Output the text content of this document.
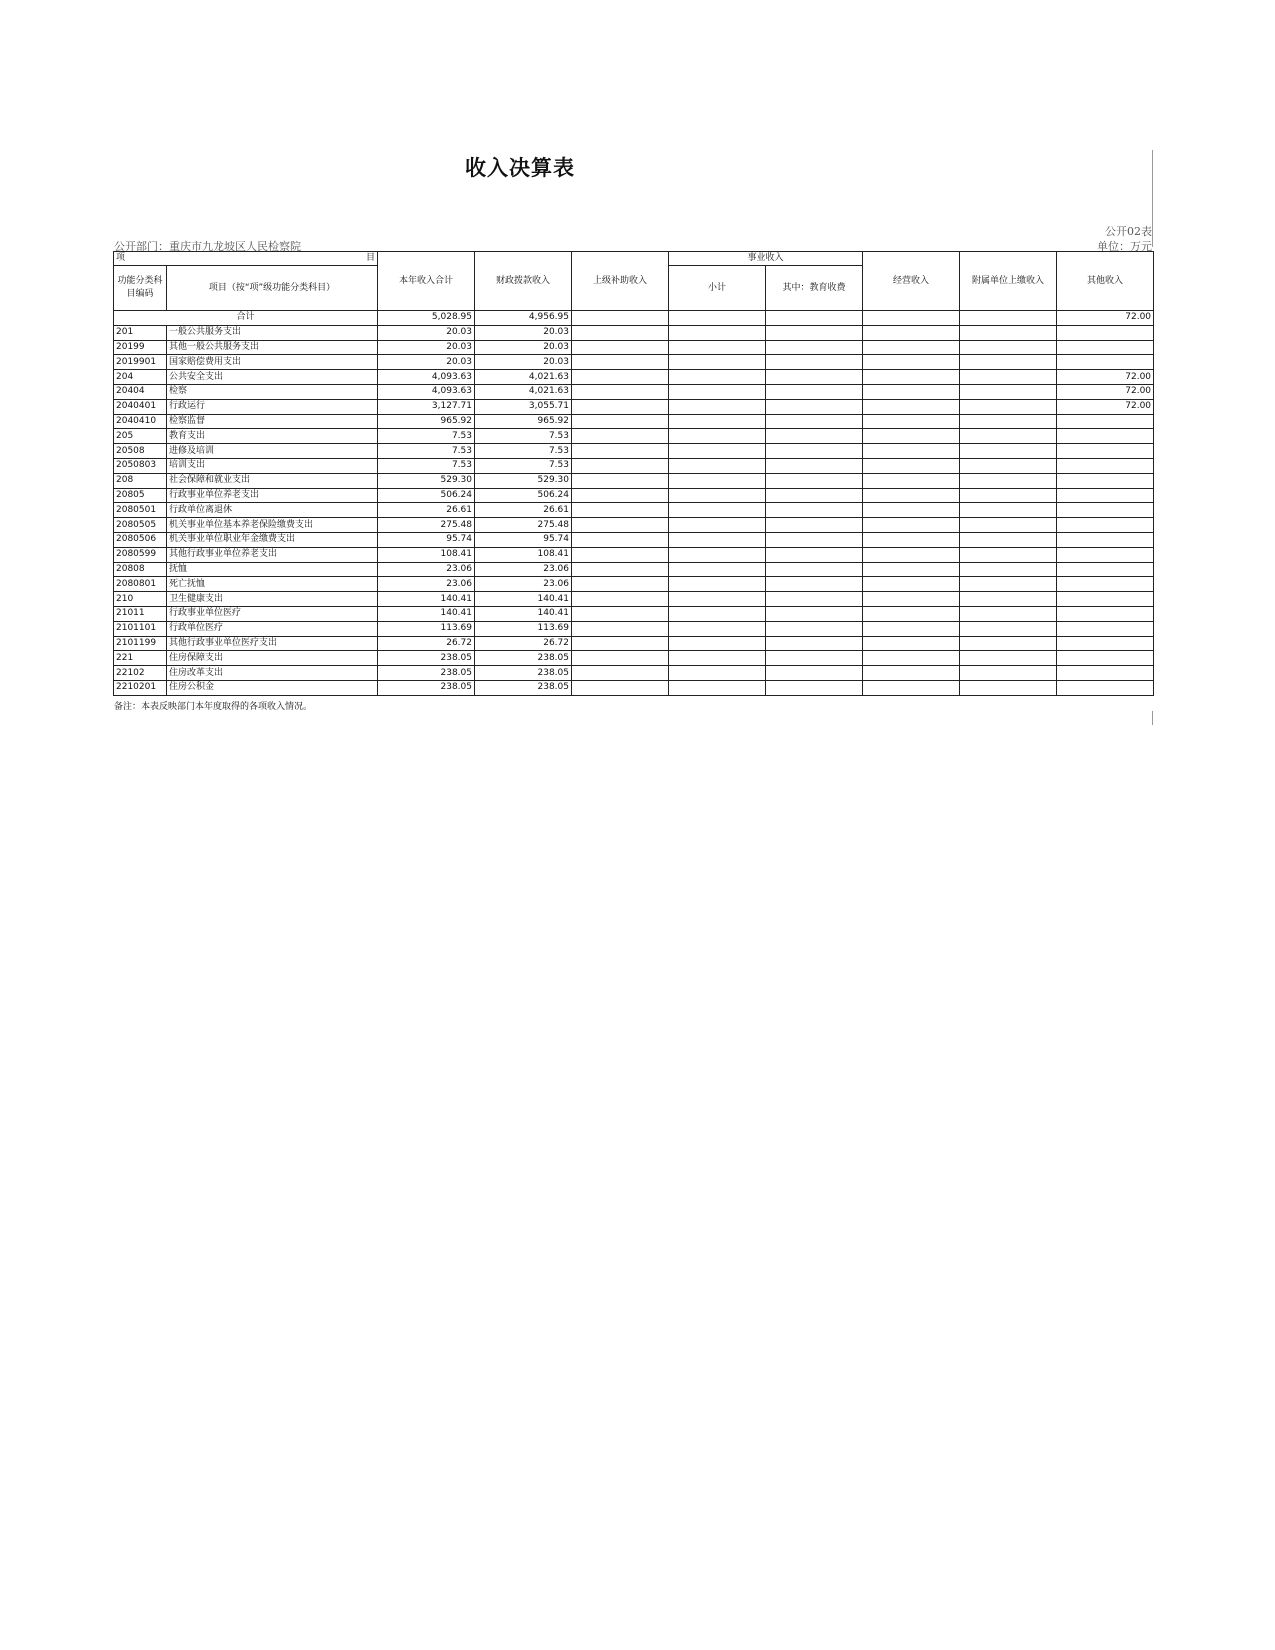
收入决算表
公开02表
公开部门：重庆市九龙坡区人民检察院	单位：万元
项 目		本年收入合计	财政拨款收入	上级补助收入	事业收入		经营收入	附属单位上缴收入	其他收入
功能分类科目编码	项目（按“项”级功能分类科目）				小计	其中：教育收费			
合计		5,028.95	4,956.95						72.00
201	一般公共服务支出	20.03	20.03						
20199	其他一般公共服务支出	20.03	20.03						
2019901	国家赔偿费用支出	20.03	20.03						
204	公共安全支出	4,093.63	4,021.63						72.00
20404	检察	4,093.63	4,021.63						72.00
2040401	行政运行	3,127.71	3,055.71						72.00
2040410	检察监督	965.92	965.92						
205	教育支出	7.53	7.53						
20508	进修及培训	7.53	7.53						
2050803	培训支出	7.53	7.53						
208	社会保障和就业支出	529.30	529.30						
20805	行政事业单位养老支出	506.24	506.24						
2080501	行政单位离退休	26.61	26.61						
2080505	机关事业单位基本养老保险缴费支出	275.48	275.48						
2080506	机关事业单位职业年金缴费支出	95.74	95.74						
2080599	其他行政事业单位养老支出	108.41	108.41						
20808	抚恤	23.06	23.06						
2080801	死亡抚恤	23.06	23.06						
210	卫生健康支出	140.41	140.41						
21011	行政事业单位医疗	140.41	140.41						
2101101	行政单位医疗	113.69	113.69						
2101199	其他行政事业单位医疗支出	26.72	26.72						
221	住房保障支出	238.05	238.05						
22102	住房改革支出	238.05	238.05						
2210201	住房公积金	238.05	238.05						
备注：本表反映部门本年度取得的各项收入情况。
